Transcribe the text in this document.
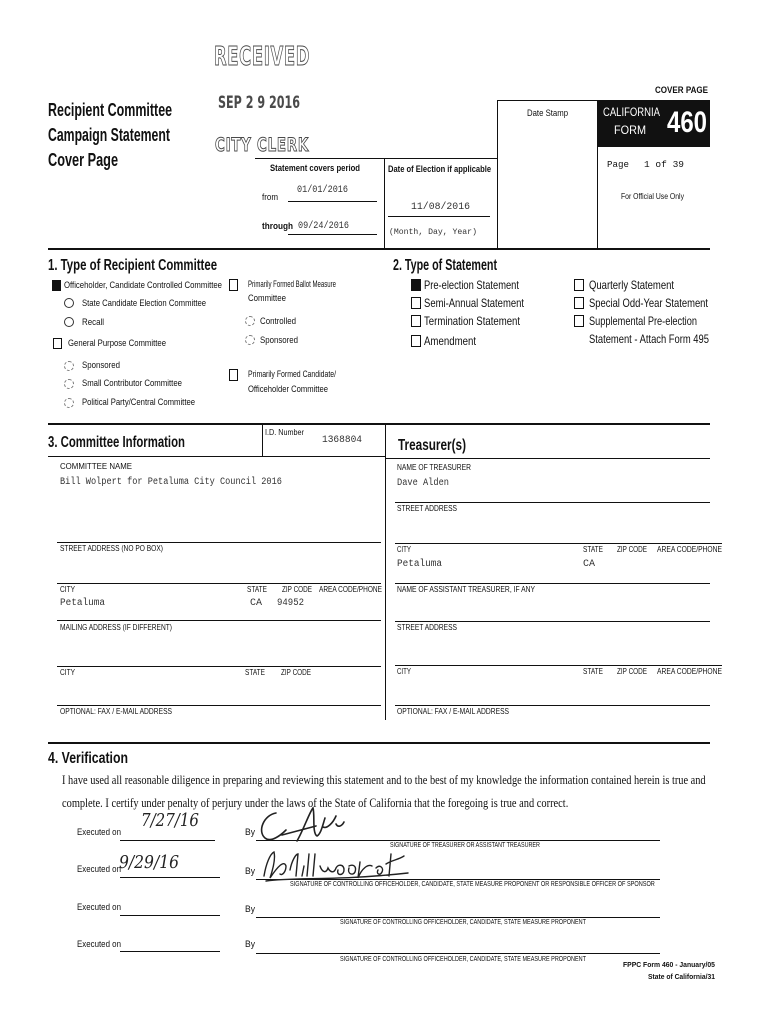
RECEIVED
SEP 2 9 2016
CITY CLERK
Recipient Committee
Campaign Statement
Cover Page
COVER PAGE
Date Stamp	CALIFORNIA
FORM 460
Page 1 of 39
For Official Use Only
Statement covers period
from
01/01/2016
through 09/24/2016
Date of Election if applicable
11/08/2016
(Month, Day, Year)
1. Type of Recipient Committee
Officeholder, Candidate Controlled Committee
State Candidate Election Committee
Recall
General Purpose Committee
Sponsored
Small Contributor Committee
Political Party/Central Committee
Primarily Formed Ballot Measure
Committee
Controlled
Sponsored
Primarily Formed Candidate/
Officeholder Committee
2. Type of Statement
Pre-election Statement
Semi-Annual Statement
Termination Statement
Amendment
Quarterly Statement
Special Odd-Year Statement
Supplemental Pre-election
Statement - Attach Form 495
3. Committee Information
I.D. Number
1368804 Treasurer(s)
COMMITTEE NAME
Bill Wolpert for Petaluma City Council 2016
STREET ADDRESS (NO PO BOX)
CITY	STATE ZIP CODE AREA CODE/PHONE
Petaluma	CA 94952
MAILING ADDRESS (IF DIFFERENT)
CITY	STATE ZIP CODE
OPTIONAL: FAX / E-MAIL ADDRESS
NAME OF TREASURER
Dave Alden
STREET ADDRESS
CITY	STATE ZIP CODE AREA CODE/PHONE
Petaluma	CA
NAME OF ASSISTANT TREASURER, IF ANY
STREET ADDRESS
CITY	STATE ZIP CODE AREA CODE/PHONE
OPTIONAL: FAX / E-MAIL ADDRESS
4. Verification
I have used all reasonable diligence in preparing and reviewing this statement and to the best of my knowledge the information contained herein is true and
complete. I certify under penalty of perjury under the laws of the State of California that the foregoing is true and correct.
Executed on
7/27/16
By
SIGNATURE OF TREASURER OR ASSISTANT TREASURER
Executed on
9/29/16	By
SIGNATURE OF CONTROLLING OFFICEHOLDER, CANDIDATE, STATE MEASURE PROPONENT OR RESPONSIBLE OFFICER OF SPONSOR
Executed on	By
SIGNATURE OF CONTROLLING OFFICEHOLDER, CANDIDATE, STATE MEASURE PROPONENT
Executed on	By
SIGNATURE OF CONTROLLING OFFICEHOLDER, CANDIDATE, STATE MEASURE PROPONENT
FPPC Form 460 - January/05
State of California/31
